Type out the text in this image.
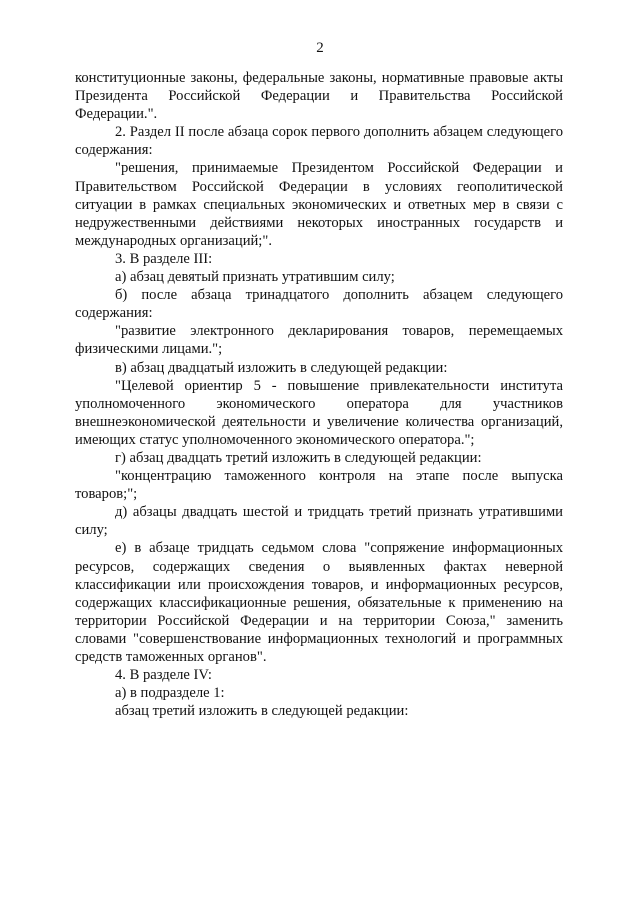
2

конституционные законы, федеральные законы, нормативные правовые акты Президента Российской Федерации и Правительства Российской Федерации.".

2. Раздел II после абзаца сорок первого дополнить абзацем следующего содержания:

"решения, принимаемые Президентом Российской Федерации и Правительством Российской Федерации в условиях геополитической ситуации в рамках специальных экономических и ответных мер в связи с недружественными действиями некоторых иностранных государств и международных организаций;".

3. В разделе III:

а) абзац девятый признать утратившим силу;

б) после абзаца тринадцатого дополнить абзацем следующего содержания:

"развитие электронного декларирования товаров, перемещаемых физическими лицами.";

в) абзац двадцатый изложить в следующей редакции:

"Целевой ориентир 5 - повышение привлекательности института уполномоченного экономического оператора для участников внешнеэкономической деятельности и увеличение количества организаций, имеющих статус уполномоченного экономического оператора.";

г) абзац двадцать третий изложить в следующей редакции:

"концентрацию таможенного контроля на этапе после выпуска товаров;";

д) абзацы двадцать шестой и тридцать третий признать утратившими силу;

е) в абзаце тридцать седьмом слова "сопряжение информационных ресурсов, содержащих сведения о выявленных фактах неверной классификации или происхождения товаров, и информационных ресурсов, содержащих классификационные решения, обязательные к применению на территории Российской Федерации и на территории Союза," заменить словами "совершенствование информационных технологий и программных средств таможенных органов".

4. В разделе IV:

а) в подразделе 1:

абзац третий изложить в следующей редакции:
